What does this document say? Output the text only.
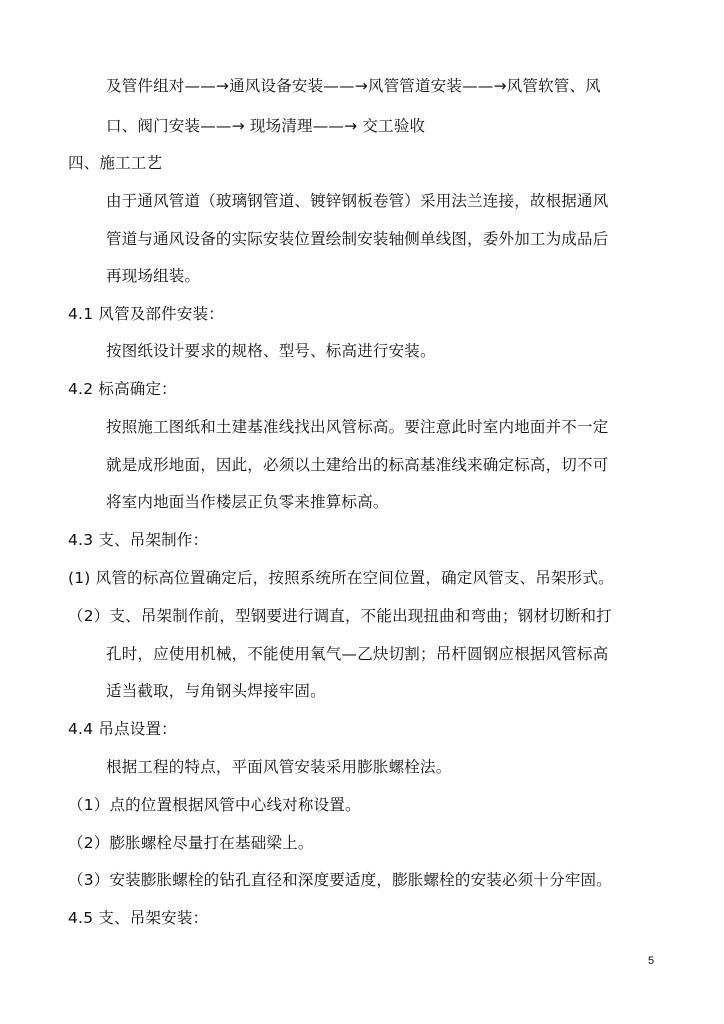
及管件组对——→通风设备安装——→风管管道安装——→风管软管、风
口、阀门安装——→ 现场清理——→ 交工验收
四、施工工艺
由于通风管道（玻璃钢管道、镀锌钢板卷管）采用法兰连接，故根据通风
管道与通风设备的实际安装位置绘制安装轴侧单线图，委外加工为成品后
再现场组装。
4.1 风管及部件安装：
按图纸设计要求的规格、型号、标高进行安装。
4.2 标高确定：
按照施工图纸和土建基准线找出风管标高。要注意此时室内地面并不一定
就是成形地面，因此，必须以土建给出的标高基准线来确定标高，切不可
将室内地面当作楼层正负零来推算标高。
4.3 支、吊架制作：
(1) 风管的标高位置确定后，按照系统所在空间位置，确定风管支、吊架形式。
（2）支、吊架制作前，型钢要进行调直，不能出现扭曲和弯曲；钢材切断和打
孔时，应使用机械，不能使用氧气—乙炔切割；吊杆圆钢应根据风管标高
适当截取，与角钢头焊接牢固。
4.4 吊点设置：
根据工程的特点，平面风管安装采用膨胀螺栓法。
（1）点的位置根据风管中心线对称设置。
（2）膨胀螺栓尽量打在基础梁上。
（3）安装膨胀螺栓的钻孔直径和深度要适度，膨胀螺栓的安装必须十分牢固。
4.5 支、吊架安装：
5
